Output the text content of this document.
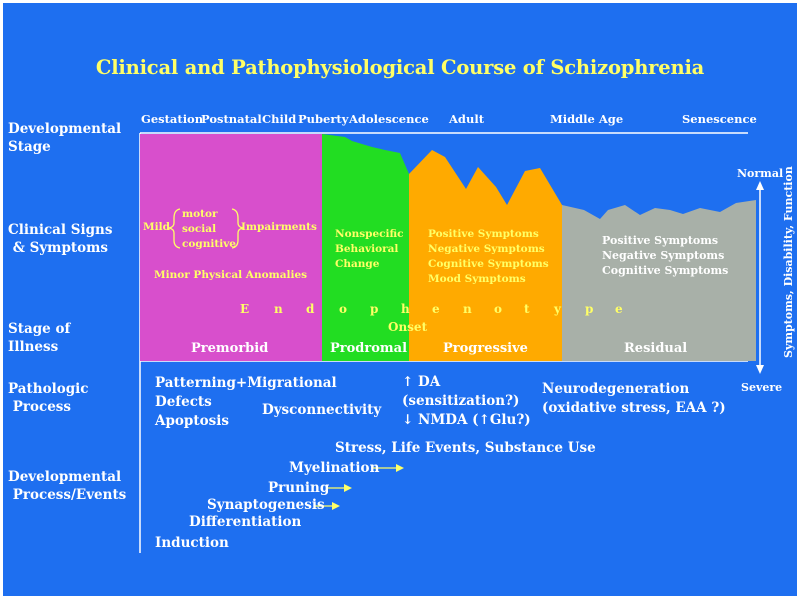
Clinical and Pathophysiological Course of Schizophrenia
Developmental
Stage
Clinical Signs
& Symptoms
Stage of
Illness
Pathologic
Process
Developmental
Process/Events
Gestation
Postnatal Child Puberty Adolescence Adult	Middle Age	Senescence
Mild
motor
social
cognitive
Impairments
Minor Physical Anomalies
Nonspecific
Behavioral
Change
Positive Symptoms
Negative Symptoms
Cognitive Symptoms
Mood Symptoms
Positive Symptoms
Negative Symptoms
Cognitive Symptoms
E n d o p h e n o t y p e
Onset
Premorbid	Prodromal	Progressive	Residual
Normal
Severe
Symptoms, Disability, Function
Patterning+Migrational
Defects
Apoptosis
Dysconnectivity
↑ DA
(sensitization?)
↓ NMDA (↑Glu?)
Neurodegeneration
(oxidative stress, EAA ?)
Stress, Life Events, Substance Use
Myelination
Pruning
Synaptogenesis
Differentiation
Induction
